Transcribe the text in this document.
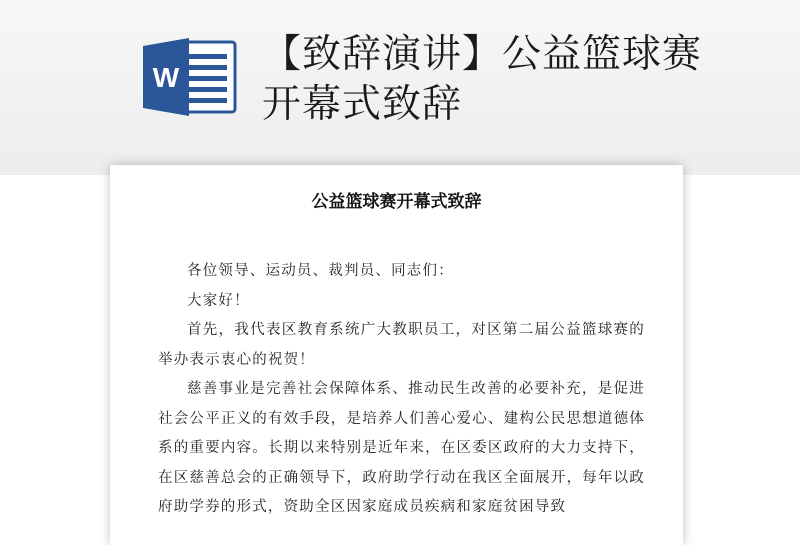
W
【致辞演讲】公益篮球赛开幕式致辞
公益篮球赛开幕式致辞

各位领导、运动员、裁判员、同志们：

大家好！

首先，我代表区教育系统广大教职员工，对区第二届公益篮球赛的举办表示衷心的祝贺！

慈善事业是完善社会保障体系、推动民生改善的必要补充，是促进社会公平正义的有效手段，是培养人们善心爱心、建构公民思想道德体系的重要内容。长期以来特别是近年来，在区委区政府的大力支持下，在区慈善总会的正确领导下，政府助学行动在我区全面展开，每年以政府助学券的形式，资助全区因家庭成员疾病和家庭贫困导致
